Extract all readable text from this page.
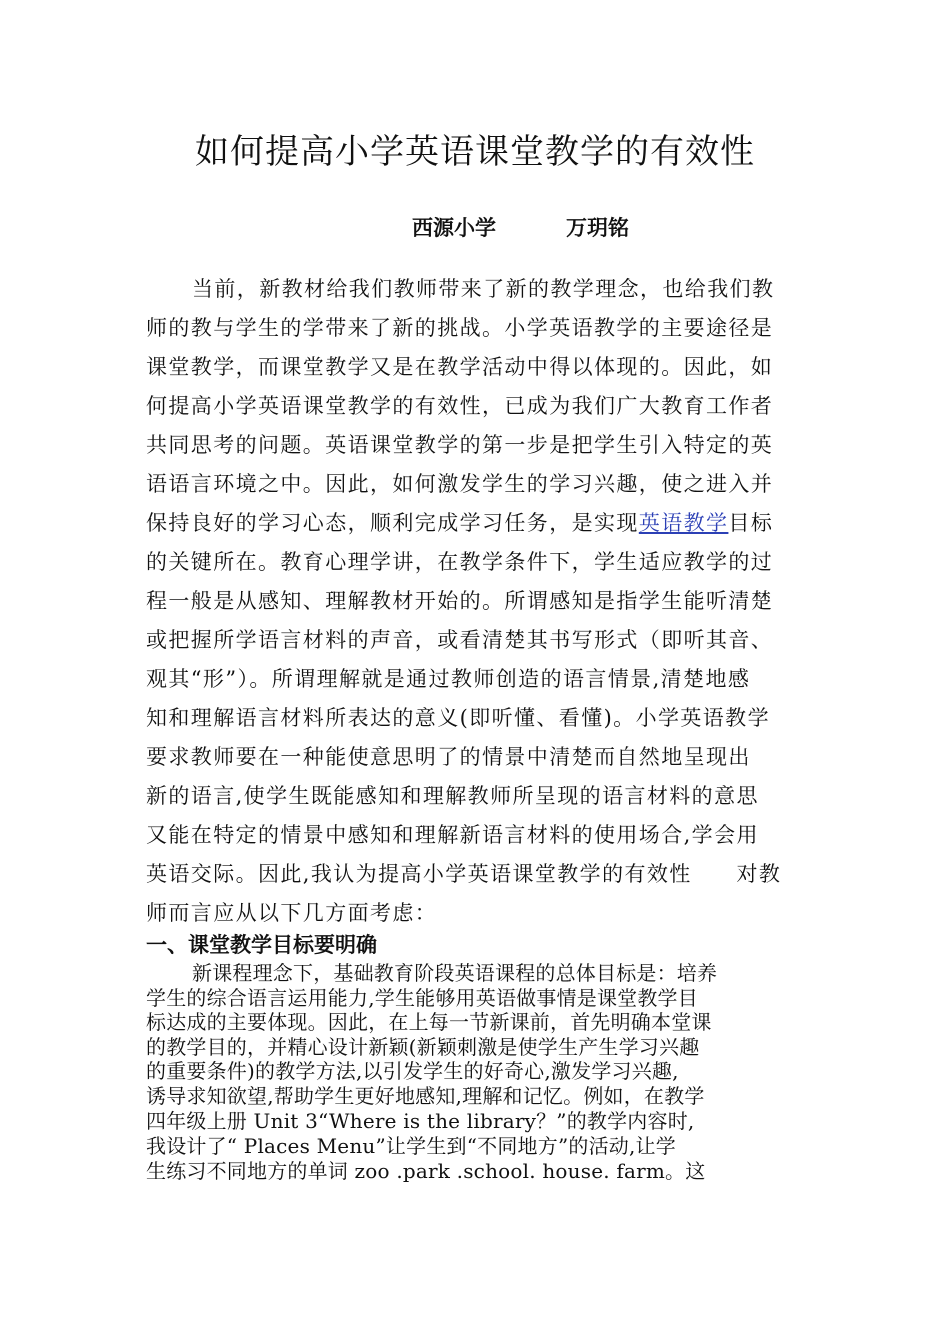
如何提高小学英语课堂教学的有效性
西源小学	万玥铭
当前，新教材给我们教师带来了新的教学理念，也给我们教
师的教与学生的学带来了新的挑战。小学英语教学的主要途径是
课堂教学，而课堂教学又是在教学活动中得以体现的。因此，如
何提高小学英语课堂教学的有效性，已成为我们广大教育工作者
共同思考的问题。英语课堂教学的第一步是把学生引入特定的英
语语言环境之中。因此，如何激发学生的学习兴趣，使之进入并
保持良好的学习心态，顺利完成学习任务，是实现英语教学目标
的关键所在。教育心理学讲，在教学条件下，学生适应教学的过
程一般是从感知、理解教材开始的。所谓感知是指学生能听清楚
或把握所学语言材料的声音，或看清楚其书写形式（即听其音、
观其“形”）。所谓理解就是通过教师创造的语言情景,清楚地感
知和理解语言材料所表达的意义(即听懂、看懂)。小学英语教学
要求教师要在一种能使意思明了的情景中清楚而自然地呈现出
新的语言,使学生既能感知和理解教师所呈现的语言材料的意思
又能在特定的情景中感知和理解新语言材料的使用场合,学会用
英语交际。因此,我认为提高小学英语课堂教学的有效性　　对教
师而言应从以下几方面考虑：
一、课堂教学目标要明确
新课程理念下，基础教育阶段英语课程的总体目标是：培养
学生的综合语言运用能力,学生能够用英语做事情是课堂教学目
标达成的主要体现。因此，在上每一节新课前，首先明确本堂课
的教学目的，并精心设计新颖(新颖刺激是使学生产生学习兴趣
的重要条件)的教学方法,以引发学生的好奇心,激发学习兴趣,
诱导求知欲望,帮助学生更好地感知,理解和记忆。例如，在教学
四年级上册 Unit 3“Where is the library？”的教学内容时,
我设计了“ Places Menu”让学生到“不同地方”的活动,让学
生练习不同地方的单词 zoo .park .school. house. farm。这
